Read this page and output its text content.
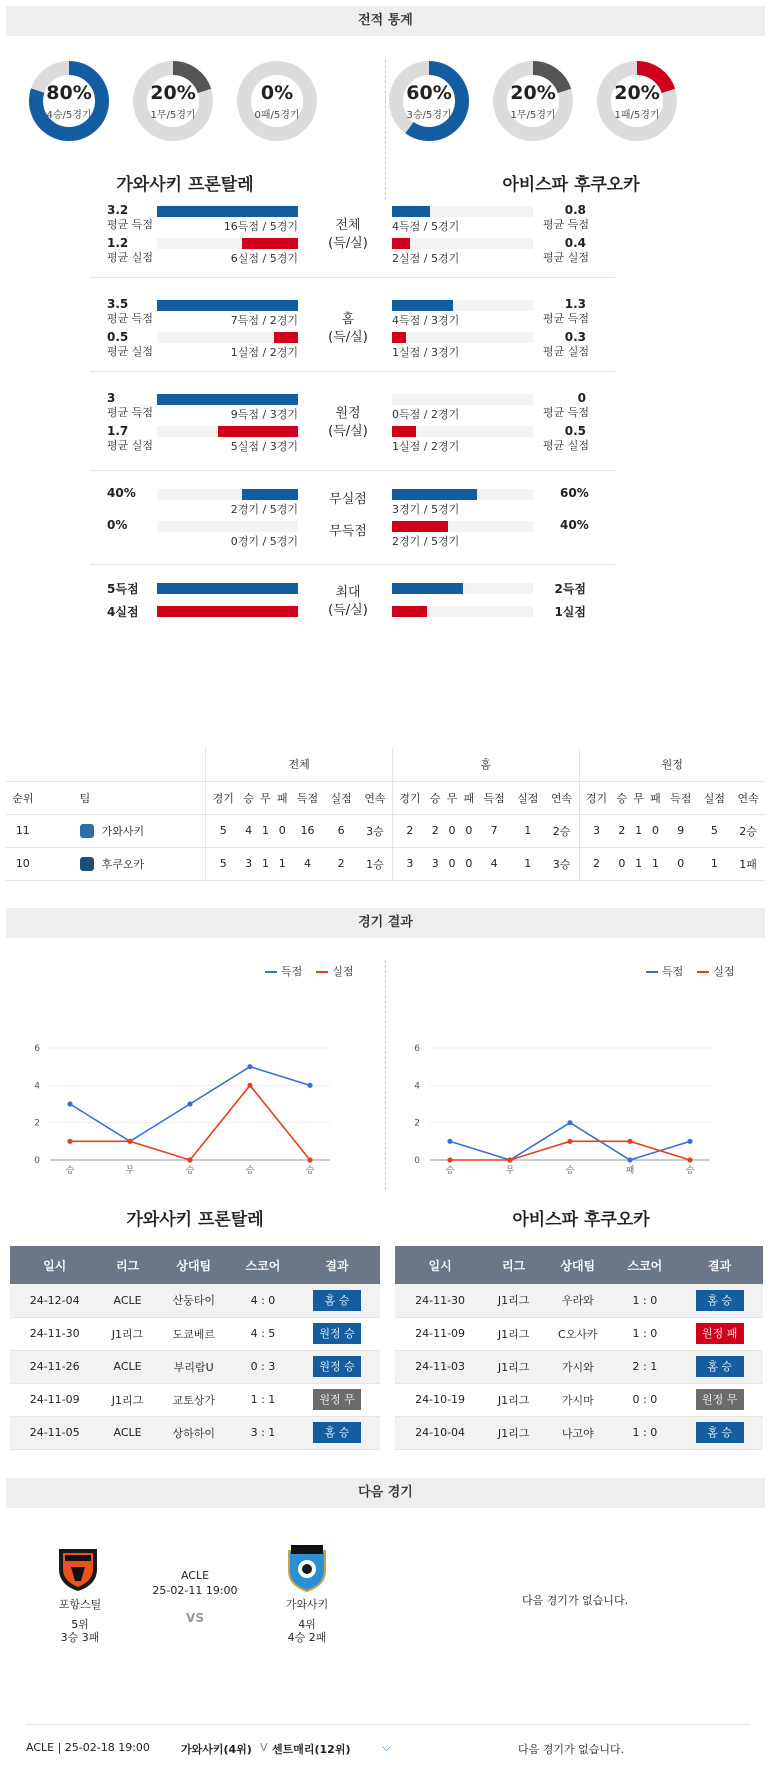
전적 통계
80%
4승/5경기
20%
1무/5경기
0%
0패/5경기
60%
3승/5경기
20%
1무/5경기
20%
1패/5경기
가와사키 프론탈레	아비스파 후쿠오카
3.2
평균 득점
1.2
평균 실점
16득점 / 5경기
6실점 / 5경기
전체
(득/실)
4득점 / 5경기
2실점 / 5경기
0.8
평균 득점
0.4
평균 실점
3.5
평균 득점
0.5
평균 실점
7득점 / 2경기
1실점 / 2경기
홈
(득/실)
4득점 / 3경기
1실점 / 3경기
1.3
평균 득점
0.3
평균 실점
3
평균 득점
1.7
평균 실점
9득점 / 3경기
5실점 / 3경기
원정
(득/실)
0득점 / 2경기
1실점 / 2경기
0
평균 득점
0.5
평균 실점
40%
0%
2경기 / 5경기
0경기 / 5경기
무실점
무득점
3경기 / 5경기
2경기 / 5경기
60%
40%
5득점
4실점
최대
(득/실)
2득점
1실점
		전체							홈							원정						
순위	팀	경기	승	무	패	득점	실점	연속	경기	승	무	패	득점	실점	연속	경기	승	무	패	득점	실점	연속
11	가와사키	5	4	1	0	16	6	3승	2	2	0	0	7	1	2승	3	2	1	0	9	5	2승
10	후쿠오카	5	3	1	1	4	2	1승	3	3	0	0	4	1	3승	2	0	1	1	0	1	1패
경기 결과
득점	실점	득점	실점
0
2
4
6
승	무	승	승	승
0
2
4
6
승	무	승	패	승
가와사키 프론탈레	아비스파 후쿠오카
일시	리그	상대팀	스코어	결과
24-12-04	ACLE	산둥타이	4 : 0	홈 승
24-11-30	J1리그	도쿄베르	4 : 5	원정 승
24-11-26	ACLE	부리람U	0 : 3	원정 승
24-11-09	J1리그	교토상가	1 : 1	원정 무
24-11-05	ACLE	상하하이	3 : 1	홈 승
일시	리그	상대팀	스코어	결과
24-11-30	J1리그	우라와	1 : 0	홈 승
24-11-09	J1리그	C오사카	1 : 0	원정 패
24-11-03	J1리그	가시와	2 : 1	홈 승
24-10-19	J1리그	가시마	0 : 0	원정 무
24-10-04	J1리그	나고야	1 : 0	홈 승
다음 경기
포항스틸
5위
3승 3패
ACLE
25-02-11 19:00
VS
가와사키
4위
4승 2패
다음 경기가 없습니다.
ACLE | 25-02-18 19:00	가와사키(4위) V 센트매리(12위)	⌵	다음 경기가 없습니다.
